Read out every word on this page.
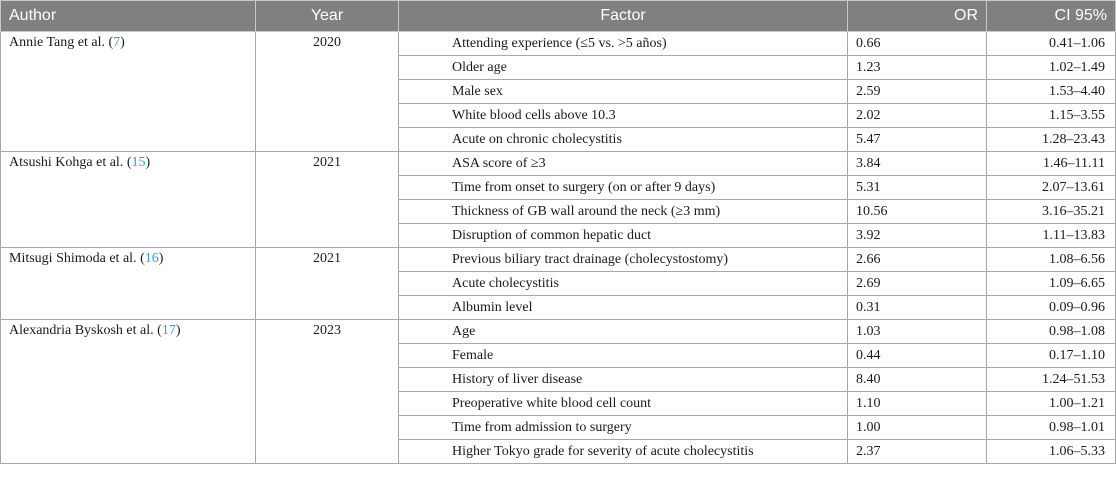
Author	Year	Factor	OR	CI 95%
Annie Tang et al. (7)	2020	Attending experience (≤5 vs. >5 años)	0.66	0.41–1.06
		Older age	1.23	1.02–1.49
		Male sex	2.59	1.53–4.40
		White blood cells above 10.3	2.02	1.15–3.55
		Acute on chronic cholecystitis	5.47	1.28–23.43
Atsushi Kohga et al. (15)	2021	ASA score of ≥3	3.84	1.46–11.11
		Time from onset to surgery (on or after 9 days)	5.31	2.07–13.61
		Thickness of GB wall around the neck (≥3 mm)	10.56	3.16–35.21
		Disruption of common hepatic duct	3.92	1.11–13.83
Mitsugi Shimoda et al. (16)	2021	Previous biliary tract drainage (cholecystostomy)	2.66	1.08–6.56
		Acute cholecystitis	2.69	1.09–6.65
		Albumin level	0.31	0.09–0.96
Alexandria Byskosh et al. (17)	2023	Age	1.03	0.98–1.08
		Female	0.44	0.17–1.10
		History of liver disease	8.40	1.24–51.53
		Preoperative white blood cell count	1.10	1.00–1.21
		Time from admission to surgery	1.00	0.98–1.01
		Higher Tokyo grade for severity of acute cholecystitis	2.37	1.06–5.33
